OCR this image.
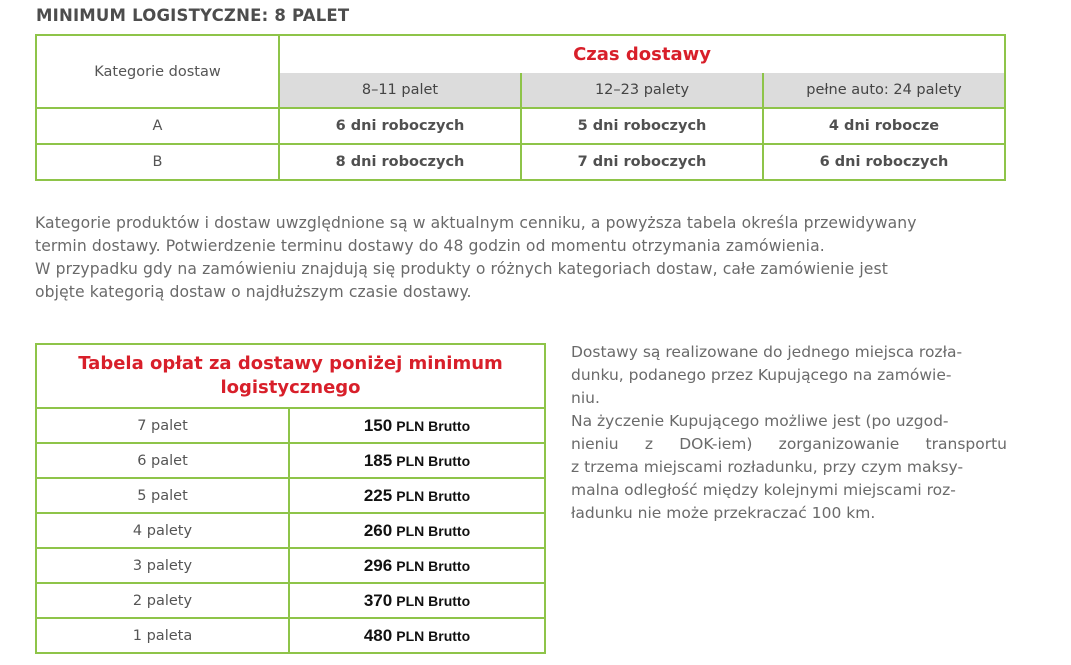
MINIMUM LOGISTYCZNE: 8 PALET
Kategorie dostaw	Czas dostawy		
	8–11 palet	12–23 palety	pełne auto: 24 palety
A	6 dni roboczych	5 dni roboczych	4 dni robocze
B	8 dni roboczych	7 dni roboczych	6 dni roboczych

Kategorie produktów i dostaw uwzględnione są w aktualnym cenniku, a powyższa tabela określa przewidywany
termin dostawy. Potwierdzenie terminu dostawy do 48 godzin od momentu otrzymania zamówienia.
W przypadku gdy na zamówieniu znajdują się produkty o różnych kategoriach dostaw, całe zamówienie jest
objęte kategorią dostaw o najdłuższym czasie dostawy.

Tabela opłat za dostawy poniżej minimum
logistycznego	

7 palet	150 PLN Brutto
6 palet	185 PLN Brutto
5 palet	225 PLN Brutto
4 palety	260 PLN Brutto
3 palety	296 PLN Brutto
2 palety	370 PLN Brutto
1 paleta	480 PLN Brutto

Dostawy są realizowane do jednego miejsca rozła-
dunku, podanego przez Kupującego na zamówie-
niu.
Na życzenie Kupującego możliwe jest (po uzgod-
nieniu z DOK-iem) zorganizowanie transportu
z trzema miejscami rozładunku, przy czym maksy-
malna odległość między kolejnymi miejscami roz-
ładunku nie może przekraczać 100 km.
